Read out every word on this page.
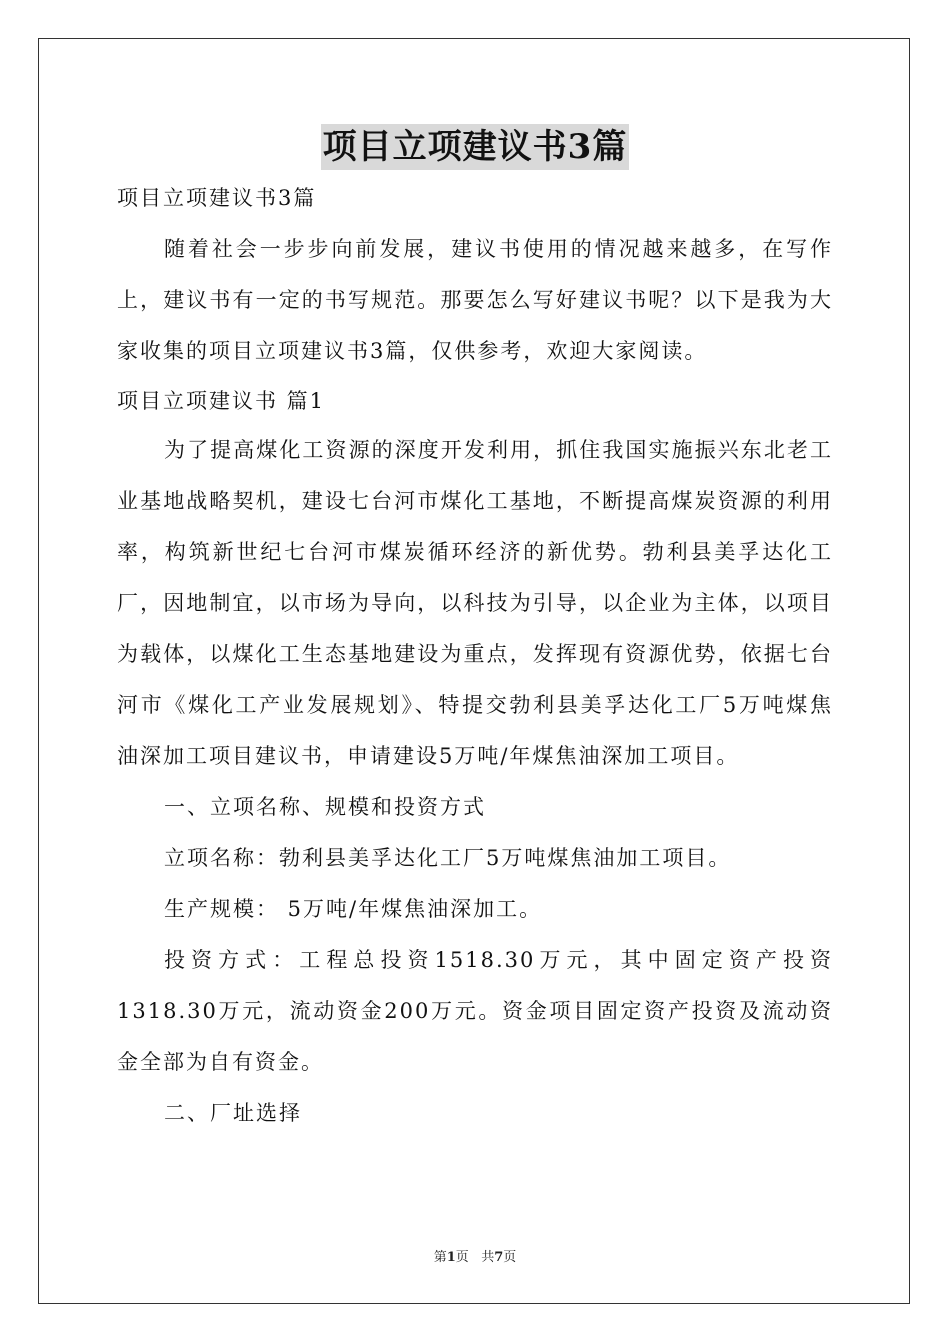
项目立项建议书3篇

项目立项建议书3篇

随着社会一步步向前发展，建议书使用的情况越来越多，在写作上，建议书有一定的书写规范。那要怎么写好建议书呢？以下是我为大家收集的项目立项建议书3篇，仅供参考，欢迎大家阅读。

项目立项建议书 篇1

为了提高煤化工资源的深度开发利用，抓住我国实施振兴东北老工业基地战略契机，建设七台河市煤化工基地，不断提高煤炭资源的利用率，构筑新世纪七台河市煤炭循环经济的新优势。勃利县美孚达化工厂，因地制宜，以市场为导向，以科技为引导，以企业为主体，以项目为载体，以煤化工生态基地建设为重点，发挥现有资源优势，依据七台河市《煤化工产业发展规划》、特提交勃利县美孚达化工厂5万吨煤焦油深加工项目建议书，申请建设5万吨/年煤焦油深加工项目。

一、立项名称、规模和投资方式

立项名称：勃利县美孚达化工厂5万吨煤焦油加工项目。

生产规模： 5万吨/年煤焦油深加工。

投资方式：工程总投资1518.30万元，其中固定资产投资1318.30万元，流动资金200万元。资金项目固定资产投资及流动资金全部为自有资金。

二、厂址选择

第1页 共7页
